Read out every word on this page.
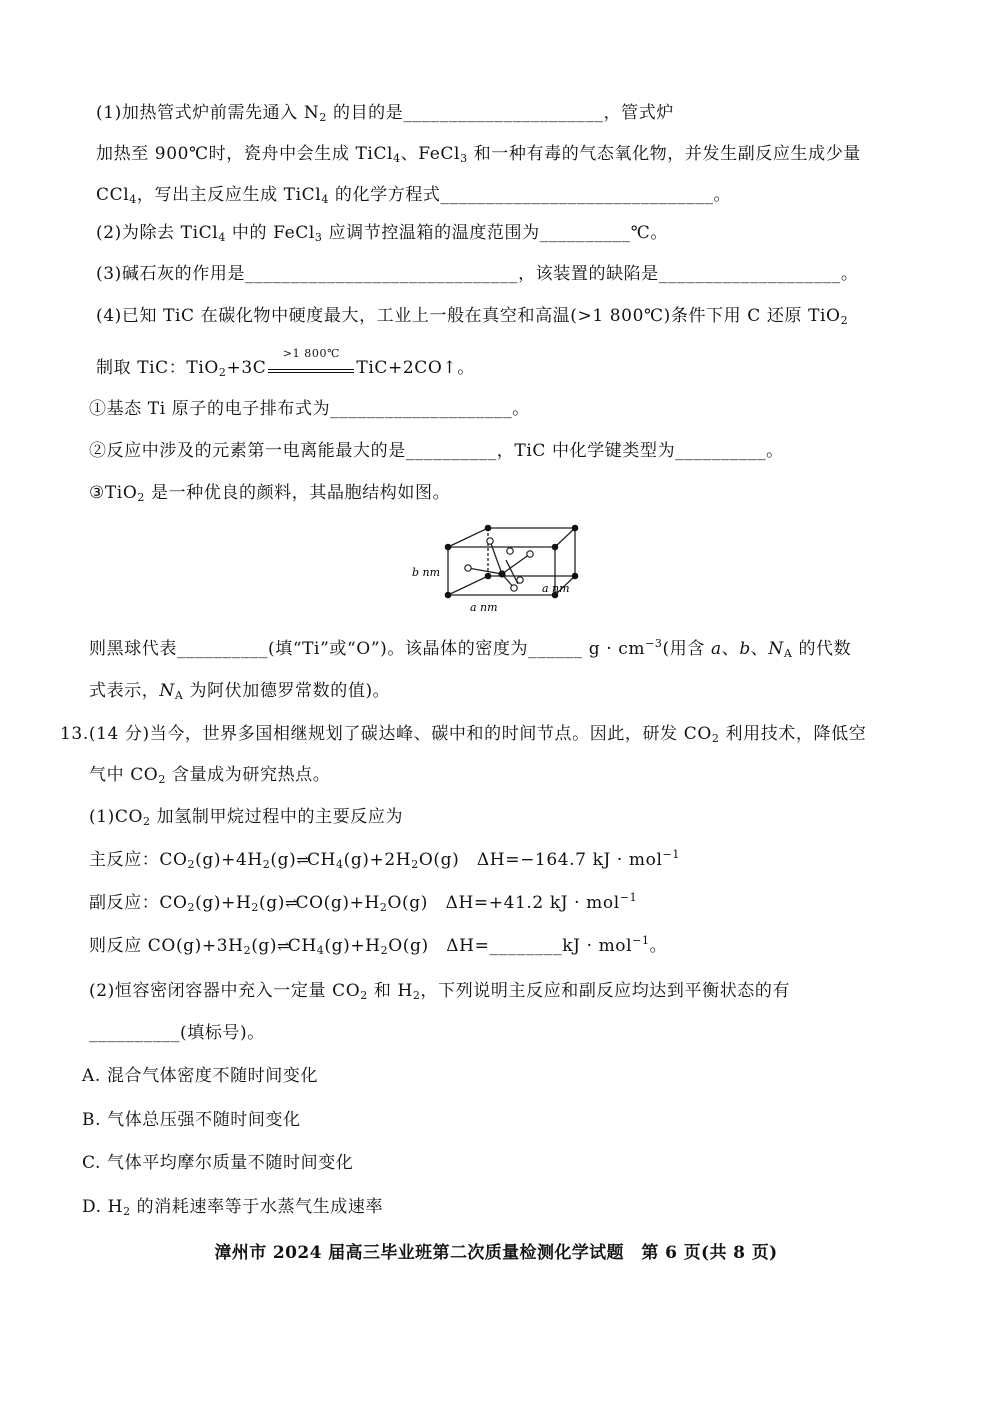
(1)加热管式炉前需先通入 $N_2$ 的目的是______________________，管式炉
加热至 900℃时，瓷舟中会生成 TiCl$_4$、FeCl$_3$ 和一种有毒的气态氧化物，并发生副反应生成少量
CCl$_4$，写出主反应生成 TiCl$_4$ 的化学方程式______________________________。
(2)为除去 TiCl$_4$ 中的 FeCl$_3$ 应调节控温箱的温度范围为__________℃。
(3)碱石灰的作用是______________________________，该装置的缺陷是____________________。
(4)已知 TiC 在碳化物中硬度最大，工业上一般在真空和高温(>1 800℃)条件下用 C 还原 TiO$_2$
制取 TiC：TiO$_2$+3C
>1 800℃
TiC+2CO↑。
①基态 Ti 原子的电子排布式为____________________。
②反应中涉及的元素第一电离能最大的是__________，TiC 中化学键类型为__________。
③TiO$_2$ 是一种优良的颜料，其晶胞结构如图。
b nm
a nm
a nm
则黑球代表__________(填“Ti”或“O”)。该晶体的密度为______ $g \cdot cm^{-3}$(用含 a、b、$N_A$ 的代数
式表示，$N_A$ 为阿伏加德罗常数的值)。
13.(14 分)当今，世界多国相继规划了碳达峰、碳中和的时间节点。因此，研发 $CO_2$ 利用技术，降低空
气中 $CO_2$ 含量成为研究热点。
$(1)CO_2$ 加氢制甲烷过程中的主要反应为
主反应：$CO_2(g)+4H_2(g)\rightleftharpoons CH_4(g)+2H_2O(g)$　ΔH=−164.7 kJ · mol$^{-1}$
副反应：$CO_2(g)+H_2(g)\rightleftharpoons CO(g)+H_2O(g)$　ΔH=+41.2 kJ · mol$^{-1}$
则反应 $CO(g)+3H_2(g)\rightleftharpoons CH_4(g)+H_2O(g)$　ΔH=________kJ · mol$^{-1}$。
(2)恒容密闭容器中充入一定量 $CO_2$ 和 $H_2$，下列说明主反应和副反应均达到平衡状态的有
__________(填标号)。
A. 混合气体密度不随时间变化
B. 气体总压强不随时间变化
C. 气体平均摩尔质量不随时间变化
D. $H_2$ 的消耗速率等于水蒸气生成速率
漳州市 2024 届高三毕业班第二次质量检测化学试题　第 6 页(共 8 页)
